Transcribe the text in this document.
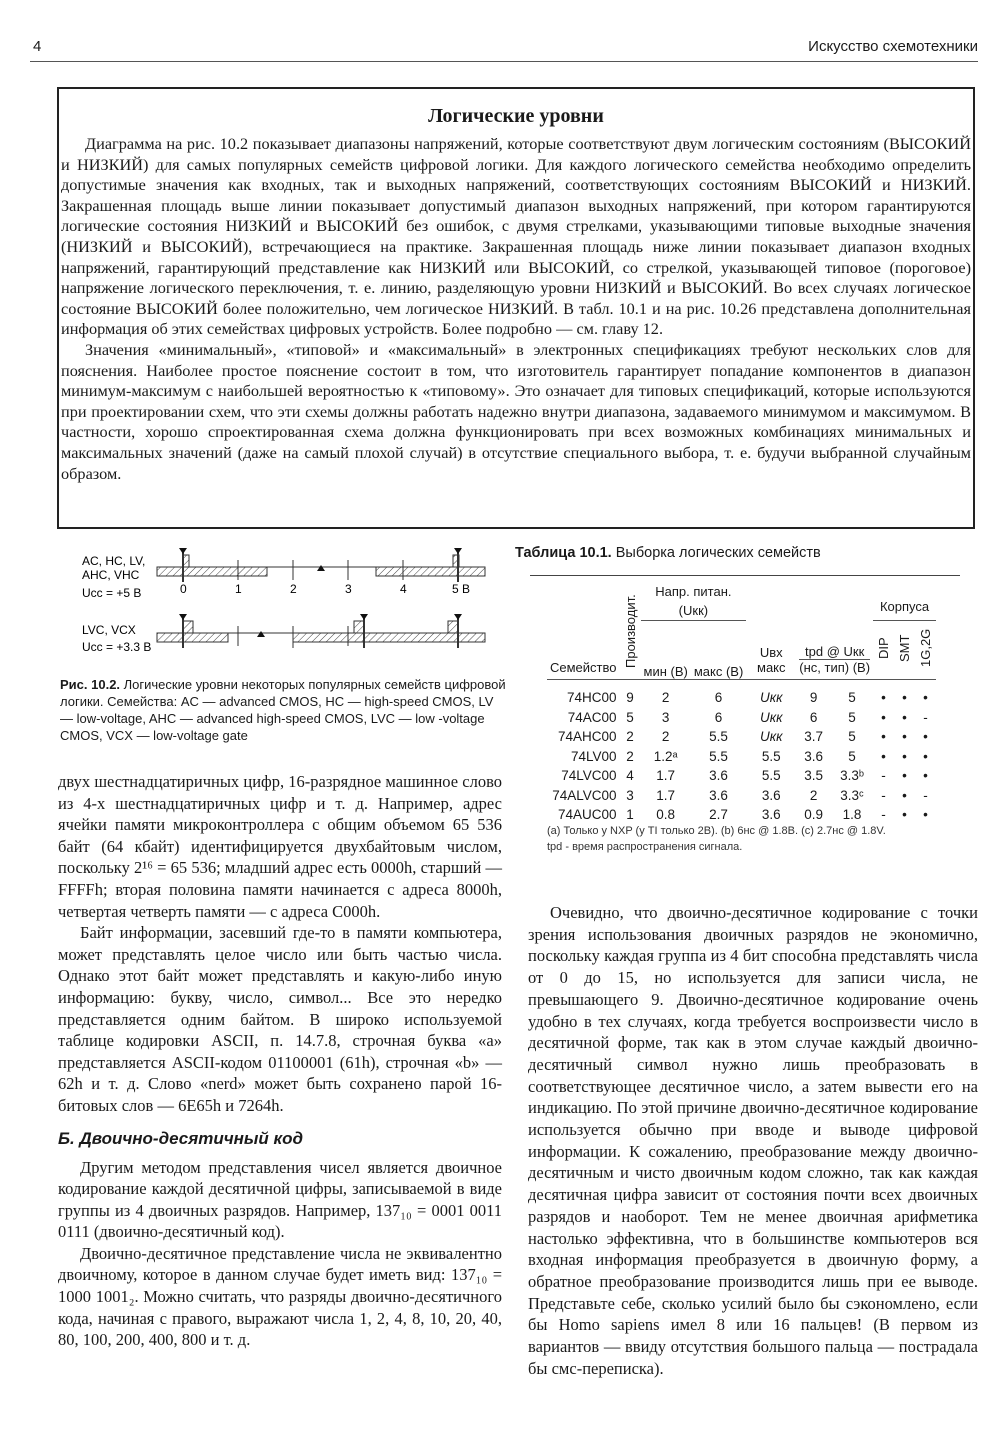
4	Искусство схемотехники
Логические уровни

Диаграмма на рис. 10.2 показывает диапазоны напряжений, которые соответствуют двум логическим состояниям (ВЫСОКИЙ и НИЗКИЙ) для самых популярных семейств цифровой логики. Для каждого логического семейства необходимо определить допустимые значения как входных, так и выходных напряжений, соответствующих состояниям ВЫСОКИЙ и НИЗКИЙ. Закрашенная площадь выше линии показывает допустимый диапазон выходных напряжений, при котором гарантируются логические состояния НИЗКИЙ и ВЫСОКИЙ без ошибок, с двумя стрелками, указывающими типовые выходные значения (НИЗКИЙ и ВЫСОКИЙ), встречающиеся на практике. Закрашенная площадь ниже линии показывает диапазон входных напряжений, гарантирующий представление как НИЗКИЙ или ВЫСОКИЙ, со стрелкой, указывающей типовое (пороговое) напряжение логического переключения, т. е. линию, разделяющую уровни НИЗКИЙ и ВЫСОКИЙ. Во всех случаях логическое состояние ВЫСОКИЙ более положительно, чем логическое НИЗКИЙ. В табл. 10.1 и на рис. 10.26 представлена дополнительная информация об этих семействах цифровых устройств. Более подробно — см. главу 12.

Значения «минимальный», «типовой» и «максимальный» в электронных спецификациях требуют нескольких слов для пояснения. Наиболее простое пояснение состоит в том, что изготовитель гарантирует попадание компонентов в диапазон минимум-максимум с наибольшей вероятностью к «типовому». Это означает для типовых спецификаций, которые используются при проектировании схем, что эти схемы должны работать надежно внутри диапазона, задаваемого минимумом и максимумом. В частности, хорошо спроектированная схема должна функционировать при всех возможных комбинациях минимальных и максимальных значений (даже на самый плохой случай) в отсутствие специального выбора, т. е. будучи выбранной случайным образом.

AC, HC, LV,
AHC, VHC
Ucc = +5 В	0	1	2	3	4	5 В
LVC, VCX
Ucc = +3.3 В
Рис. 10.2. Логические уровни некоторых популярных семейств цифровой логики. Семейства: AC — advanced CMOS, HC — high-speed CMOS, LV — low-voltage, AHC — advanced high-speed CMOS, LVC — low -voltage CMOS, VCX — low-voltage gate
Таблица 10.1. Выборка логических семейств
Семейство	Производит.	Напр. питан. (Uкк)		Uвх макс	tpd @ Uкк
(нс, тип) (В)		Корпуса		
		мин (В)	макс (В)				DIP	SMT	1G,2G

74HC00	9	2	6	Uкк	9	5	•	•	•
74AC00	5	3	6	Uкк	6	5	•	•	-
74AHC00	2	2	5.5	Uкк	3.7	5	•	•	•
74LV00	2	1.2ᵃ	5.5	5.5	3.6	5	•	•	•
74LVC00	4	1.7	3.6	5.5	3.5	3.3ᵇ	-	•	•
74ALVC00	3	1.7	3.6	3.6	2	3.3ᶜ	-	•	-
74AUC00	1	0.8	2.7	3.6	0.9	1.8	-	•	•
(a) Только у NXP (у TI только 2В). (b) 6нс @ 1.8В. (c) 2.7нс @ 1.8V.
tpd - время распространения сигнала.

двух шестнадцатиричных цифр, 16-разрядное машинное слово из 4-х шестнадцатиричных цифр и т. д. Например, адрес ячейки памяти микроконтроллера с общим объемом 65 536 байт (64 кбайт) идентифицируется двухбайтовым числом, поскольку 2¹⁶ = 65 536; младший адрес есть 0000h, старший — FFFFh; вторая половина памяти начинается с адреса 8000h, четвертая четверть памяти — с адреса C000h.

Байт информации, засевший где-то в памяти компьютера, может представлять целое число или быть частью числа. Однако этот байт может представлять и какую-либо иную информацию: букву, число, символ... Все это нередко представляется одним байтом. В широко используемой таблице кодировки ASCII, п. 14.7.8, строчная буква «а» представляется ASCII-кодом 01100001 (61h), строчная «b» — 62h и т. д. Слово «nerd» может быть сохранено парой 16-битовых слов — 6E65h и 7264h.

Б. Двоично-десятичный код

Другим методом представления чисел является двоичное кодирование каждой десятичной цифры, записываемой в виде группы из 4 двоичных разрядов. Например, 137₁₀ = 0001 0011 0111 (двоично-десятичный код).

Двоично-десятичное представление числа не эквивалентно двоичному, которое в данном случае будет иметь вид: 137₁₀ = 1000 1001₂. Можно считать, что разряды двоично-десятичного кода, начиная с правого, выражают числа 1, 2, 4, 8, 10, 20, 40, 80, 100, 200, 400, 800 и т. д.

Очевидно, что двоично-десятичное кодирование с точки зрения использования двоичных разрядов не экономично, поскольку каждая группа из 4 бит способна представлять числа от 0 до 15, но используется для записи числа, не превышающего 9. Двоично-десятичное кодирование очень удобно в тех случаях, когда требуется воспроизвести число в десятичной форме, так как в этом случае каждый двоично-десятичный символ нужно лишь преобразовать в соответствующее десятичное число, а затем вывести его на индикацию. По этой причине двоично-десятичное кодирование используется обычно при вводе и выводе цифровой информации. К сожалению, преобразование между двоично-десятичным и чисто двоичным кодом сложно, так как каждая десятичная цифра зависит от состояния почти всех двоичных разрядов и наоборот. Тем не менее двоичная арифметика настолько эффективна, что в большинстве компьютеров вся входная информация преобразуется в двоичную форму, а обратное преобразование производится лишь при ее выводе. Представьте себе, сколько усилий было бы сэкономлено, если бы Homo sapiens имел 8 или 16 пальцев! (В первом из вариантов — ввиду отсутствия большого пальца — пострадала бы смс-переписка).
